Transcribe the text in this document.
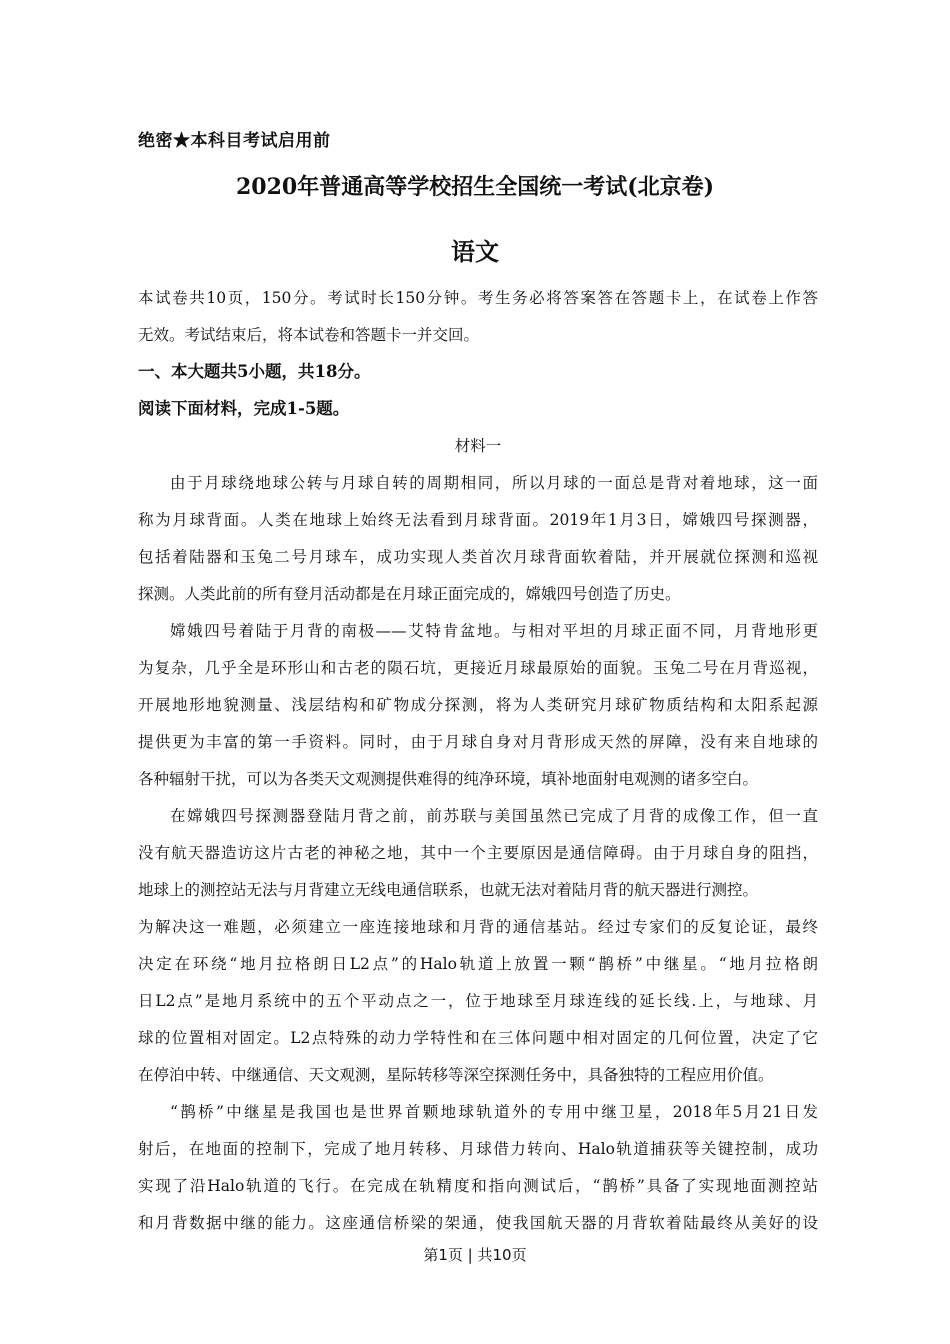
绝密★本科目考试启用前
2020年普通高等学校招生全国统一考试(北京卷)
语文
本试卷共10页，150分。考试时长150分钟。考生务必将答案答在答题卡上，在试卷上作答
无效。考试结束后，将本试卷和答题卡一并交回。
一、本大题共5小题，共18分。
阅读下面材料，完成1-5题。
材料一
由于月球绕地球公转与月球自转的周期相同，所以月球的一面总是背对着地球，这一面
称为月球背面。人类在地球上始终无法看到月球背面。2019年1月3日，嫦娥四号探测器，
包括着陆器和玉兔二号月球车，成功实现人类首次月球背面软着陆，并开展就位探测和巡视
探测。人类此前的所有登月活动都是在月球正面完成的，嫦娥四号创造了历史。
嫦娥四号着陆于月背的南极——艾特肯盆地。与相对平坦的月球正面不同，月背地形更
为复杂，几乎全是环形山和古老的陨石坑，更接近月球最原始的面貌。玉兔二号在月背巡视，
开展地形地貌测量、浅层结构和矿物成分探测，将为人类研究月球矿物质结构和太阳系起源
提供更为丰富的第一手资料。同时，由于月球自身对月背形成天然的屏障，没有来自地球的
各种辐射干扰，可以为各类天文观测提供难得的纯净环境，填补地面射电观测的诸多空白。
在嫦娥四号探测器登陆月背之前，前苏联与美国虽然已完成了月背的成像工作，但一直
没有航天器造访这片古老的神秘之地，其中一个主要原因是通信障碍。由于月球自身的阻挡，
地球上的测控站无法与月背建立无线电通信联系，也就无法对着陆月背的航天器进行测控。
为解决这一难题，必须建立一座连接地球和月背的通信基站。经过专家们的反复论证，最终
决定在环绕“地月拉格朗日L2点”的Halo轨道上放置一颗“鹊桥”中继星。“地月拉格朗
日L2点”是地月系统中的五个平动点之一，位于地球至月球连线的延长线.上，与地球、月
球的位置相对固定。L2点特殊的动力学特性和在三体问题中相对固定的几何位置，决定了它
在停泊中转、中继通信、天文观测，星际转移等深空探测任务中，具备独特的工程应用价值。
“鹊桥”中继星是我国也是世界首颗地球轨道外的专用中继卫星，2018年5月21日发
射后，在地面的控制下，完成了地月转移、月球借力转向、Halo轨道捕获等关键控制，成功
实现了沿Halo轨道的飞行。在完成在轨精度和指向测试后，“鹊桥”具备了实现地面测控站
和月背数据中继的能力。这座通信桥梁的架通，使我国航天器的月背软着陆最终从美好的设
第1页 | 共10页
